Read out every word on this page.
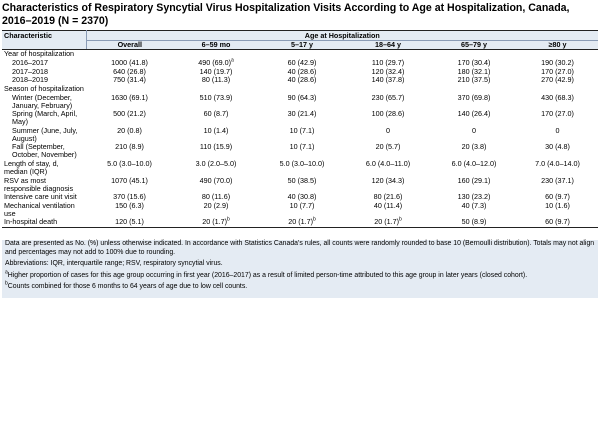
Characteristics of Respiratory Syncytial Virus Hospitalization Visits According to Age at Hospitalization, Canada, 2016–2019 (N = 2370)
Characteristic	Age at Hospitalization					
	Overall	6–59 mo	5–17 y	18–64 y	65–79 y	≥80 y
Year of hospitalization						
2016–2017	1000 (41.8)	490 $(69.0)^a$	60 (42.9)	110 (29.7)	170 (30.4)	190 (30.2)
2017–2018	640 (26.8)	140 (19.7)	40 (28.6)	120 (32.4)	180 (32.1)	170 (27.0)
2018–2019	750 (31.4)	80 (11.3)	40 (28.6)	140 (37.8)	210 (37.5)	270 (42.9)
Season of hospitalization						
Winter (December, January, February)	1630 (69.1)	510 (73.9)	90 (64.3)	230 (65.7)	370 (69.8)	430 (68.3)
Spring (March, April, May)	500 (21.2)	60 (8.7)	30 (21.4)	100 (28.6)	140 (26.4)	170 (27.0)
Summer (June, July, August)	20 (0.8)	10 (1.4)	10 (7.1)	0	0	0
Fall (September, October, November)	210 (8.9)	110 (15.9)	10 (7.1)	20 (5.7)	20 (3.8)	30 (4.8)
Length of stay, d, median (IQR)	5.0 (3.0–10.0)	3.0 (2.0–5.0)	5.0 (3.0–10.0)	6.0 (4.0–11.0)	6.0 (4.0–12.0)	7.0 (4.0–14.0)
RSV as most responsible diagnosis	1070 (45.1)	490 (70.0)	50 (38.5)	120 (34.3)	160 (29.1)	230 (37.1)
Intensive care unit visit	370 (15.6)	80 (11.6)	40 (30.8)	80 (21.6)	130 (23.2)	60 (9.7)
Mechanical ventilation use	150 (6.3)	20 (2.9)	10 (7.7)	40 (11.4)	40 (7.3)	10 (1.6)
In-hospital death	120 (5.1)	20 $(1.7)^b$	20 $(1.7)^b$	20 $(1.7)^b$	50 (8.9)	60 (9.7)

Data are presented as No. (%) unless otherwise indicated. In accordance with Statistics Canada's rules, all counts were randomly rounded to base 10 (Bernoulli distribution). Totals may not align and percentages may not add to 100% due to rounding.

Abbreviations: IQR, interquartile range; RSV, respiratory syncytial virus.

$^a$Higher proportion of cases for this age group occurring in first year (2016–2017) as a result of limited person-time attributed to this age group in later years (closed cohort).

$^b$Counts combined for those 6 months to 64 years of age due to low cell counts.
